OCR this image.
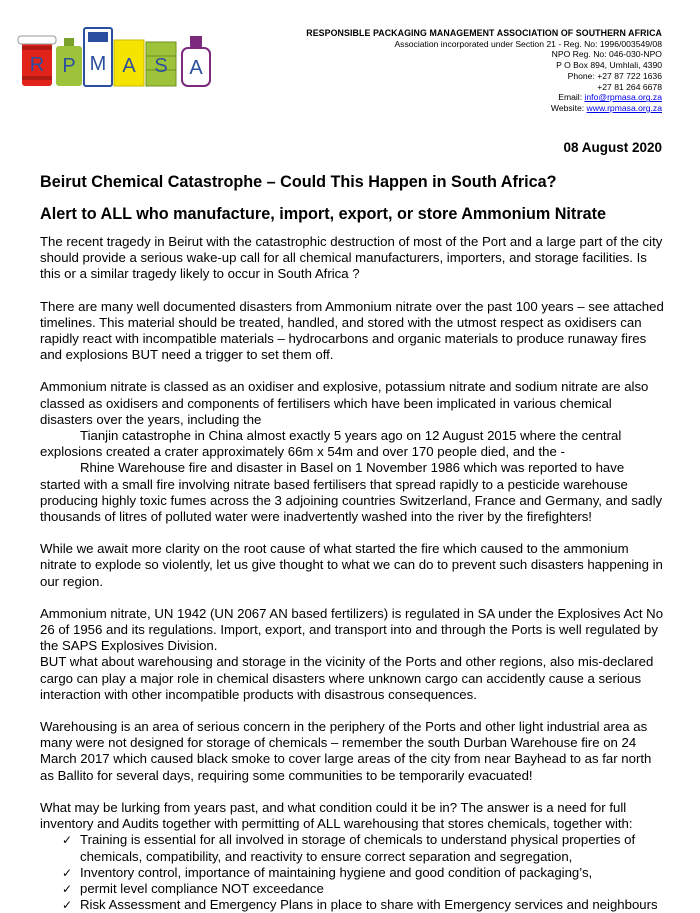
R P M A S A
RESPONSIBLE PACKAGING MANAGEMENT ASSOCIATION OF SOUTHERN AFRICA
Association incorporated under Section 21 - Reg. No: 1996/003549/08
NPO Reg. No: 046-030-NPO
P O Box 894, Umhlali, 4390
Phone: +27 87 722 1636
+27 81 264 6678
Email: info@rpmasa.org.za
Website: www.rpmasa.org.za
08 August 2020
Beirut Chemical Catastrophe – Could This Happen in South Africa?
Alert to ALL who manufacture, import, export, or store Ammonium Nitrate

The recent tragedy in Beirut with the catastrophic destruction of most of the Port and a large part of the city should provide a serious wake-up call for all chemical manufacturers, importers, and storage facilities. Is this or a similar tragedy likely to occur in South Africa ?

There are many well documented disasters from Ammonium nitrate over the past 100 years – see attached timelines. This material should be treated, handled, and stored with the utmost respect as oxidisers can rapidly react with incompatible materials – hydrocarbons and organic materials to produce runaway fires and explosions BUT need a trigger to set them off.

Ammonium nitrate is classed as an oxidiser and explosive, potassium nitrate and sodium nitrate are also classed as oxidisers and components of fertilisers which have been implicated in various chemical disasters over the years, including the

Tianjin catastrophe in China almost exactly 5 years ago on 12 August 2015 where the central explosions created a crater approximately 66m x 54m and over 170 people died, and the -

Rhine Warehouse fire and disaster in Basel on 1 November 1986 which was reported to have started with a small fire involving nitrate based fertilisers that spread rapidly to a pesticide warehouse producing highly toxic fumes across the 3 adjoining countries Switzerland, France and Germany, and sadly thousands of litres of polluted water were inadvertently washed into the river by the firefighters!

While we await more clarity on the root cause of what started the fire which caused to the ammonium nitrate to explode so violently, let us give thought to what we can do to prevent such disasters happening in our region.

Ammonium nitrate, UN 1942 (UN 2067 AN based fertilizers) is regulated in SA under the Explosives Act No 26 of 1956 and its regulations. Import, export, and transport into and through the Ports is well regulated by the SAPS Explosives Division.

BUT what about warehousing and storage in the vicinity of the Ports and other regions, also mis-declared cargo can play a major role in chemical disasters where unknown cargo can accidently cause a serious interaction with other incompatible products with disastrous consequences.

Warehousing is an area of serious concern in the periphery of the Ports and other light industrial area as many were not designed for storage of chemicals – remember the south Durban Warehouse fire on 24 March 2017 which caused black smoke to cover large areas of the city from near Bayhead to as far north as Ballito for several days, requiring some communities to be temporarily evacuated!

What may be lurking from years past, and what condition could it be in? The answer is a need for full inventory and Audits together with permitting of ALL warehousing that stores chemicals, together with:

✓ Training is essential for all involved in storage of chemicals to understand physical properties of chemicals, compatibility, and reactivity to ensure correct separation and segregation,
✓ Inventory control, importance of maintaining hygiene and good condition of packaging’s,
✓ permit level compliance NOT exceedance
✓ Risk Assessment and Emergency Plans in place to share with Emergency services and neighbours
